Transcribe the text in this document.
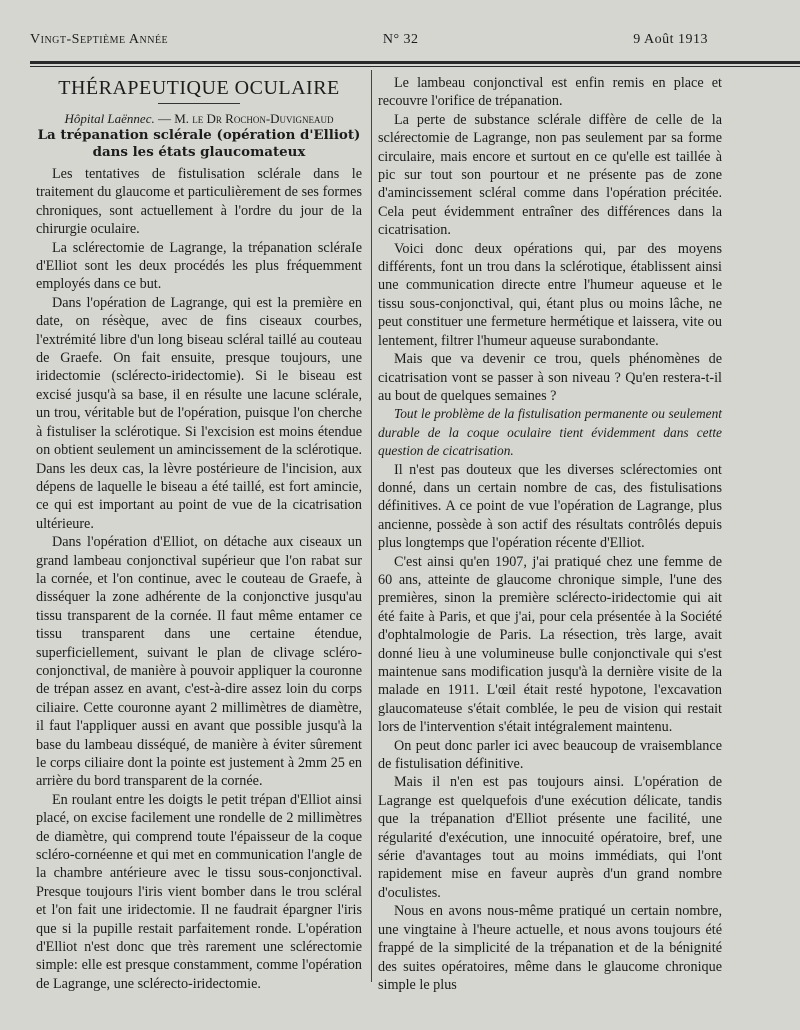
Vingt-Septième Année	N° 32	9 Août 1913
THÉRAPEUTIQUE OCULAIRE
Hôpital Laënnec. — M. le Dr Rochon-Duvigneaud
La trépanation sclérale (opération d'Elliot)
dans les états glaucomateux

Les tentatives de fistulisation sclérale dans le traitement du glaucome et particulièrement de ses formes chroniques, sont actuellement à l'ordre du jour de la chirurgie oculaire.

La sclérectomie de Lagrange, la trépanation scléraIe d'Elliot sont les deux procédés les plus fréquemment employés dans ce but.

Dans l'opération de Lagrange, qui est la première en date, on résèque, avec de fins ciseaux courbes, l'extrémité libre d'un long biseau scléral taillé au couteau de Graefe. On fait ensuite, presque toujours, une iridectomie (sclérecto-iridectomie). Si le biseau est excisé jusqu'à sa base, il en résulte une lacune sclérale, un trou, véritable but de l'opération, puisque l'on cherche à fistuliser la sclérotique. Si l'excision est moins étendue on obtient seulement un amincissement de la sclérotique. Dans les deux cas, la lèvre postérieure de l'incision, aux dépens de laquelle le biseau a été taillé, est fort amincie, ce qui est important au point de vue de la cicatrisation ultérieure.

Dans l'opération d'Elliot, on détache aux ciseaux un grand lambeau conjonctival supérieur que l'on rabat sur la cornée, et l'on continue, avec le couteau de Graefe, à disséquer la zone adhérente de la conjonctive jusqu'au tissu transparent de la cornée. Il faut même entamer ce tissu transparent dans une certaine étendue, superficiellement, suivant le plan de clivage scléro-conjonctival, de manière à pouvoir appliquer la couronne de trépan assez en avant, c'est-à-dire assez loin du corps ciliaire. Cette couronne ayant 2 millimètres de diamètre, il faut l'appliquer aussi en avant que possible jusqu'à la base du lambeau disséqué, de manière à éviter sûrement le corps ciliaire dont la pointe est justement à 2mm 25 en arrière du bord transparent de la cornée.

En roulant entre les doigts le petit trépan d'Elliot ainsi placé, on excise facilement une rondelle de 2 millimètres de diamètre, qui comprend toute l'épaisseur de la coque scléro-cornéenne et qui met en communication l'angle de la chambre antérieure avec le tissu sous-conjonctival. Presque toujours l'iris vient bomber dans le trou scléral et l'on fait une iridectomie. Il ne faudrait épargner l'iris que si la pupille restait parfaitement ronde. L'opération d'Elliot n'est donc que très rarement une sclérectomie simple: elle est presque constamment, comme l'opération de Lagrange, une sclérecto-iridectomie.

Le lambeau conjonctival est enfin remis en place et recouvre l'orifice de trépanation.

La perte de substance sclérale diffère de celle de la sclérectomie de Lagrange, non pas seulement par sa forme circulaire, mais encore et surtout en ce qu'elle est taillée à pic sur tout son pourtour et ne présente pas de zone d'amincissement scléral comme dans l'opération précitée. Cela peut évidemment entraîner des différences dans la cicatrisation.

Voici donc deux opérations qui, par des moyens différents, font un trou dans la sclérotique, établissent ainsi une communication directe entre l'humeur aqueuse et le tissu sous-conjonctival, qui, étant plus ou moins lâche, ne peut constituer une fermeture hermétique et laissera, vite ou lentement, filtrer l'humeur aqueuse surabondante.

Mais que va devenir ce trou, quels phénomènes de cicatrisation vont se passer à son niveau ? Qu'en restera-t-il au bout de quelques semaines ?

Tout le problème de la fistulisation permanente ou seulement durable de la coque oculaire tient évidemment dans cette question de cicatrisation.

Il n'est pas douteux que les diverses sclérectomies ont donné, dans un certain nombre de cas, des fistulisations définitives. A ce point de vue l'opération de Lagrange, plus ancienne, possède à son actif des résultats contrôlés depuis plus longtemps que l'opération récente d'Elliot.

C'est ainsi qu'en 1907, j'ai pratiqué chez une femme de 60 ans, atteinte de glaucome chronique simple, l'une des premières, sinon la première sclérecto-iridectomie qui ait été faite à Paris, et que j'ai, pour cela présentée à la Société d'ophtalmologie de Paris. La résection, très large, avait donné lieu à une volumineuse bulle conjonctivale qui s'est maintenue sans modification jusqu'à la dernière visite de la malade en 1911. L'œil était resté hypotone, l'excavation glaucomateuse s'était comblée, le peu de vision qui restait lors de l'intervention s'était intégralement maintenu.

On peut donc parler ici avec beaucoup de vraisemblance de fistulisation définitive.

Mais il n'en est pas toujours ainsi. L'opération de Lagrange est quelquefois d'une exécution délicate, tandis que la trépanation d'Elliot présente une facilité, une régularité d'exécution, une innocuité opératoire, bref, une série d'avantages tout au moins immédiats, qui l'ont rapidement mise en faveur auprès d'un grand nombre d'oculistes.

Nous en avons nous-même pratiqué un certain nombre, une vingtaine à l'heure actuelle, et nous avons toujours été frappé de la simplicité de la trépanation et de la bénignité des suites opératoires, même dans le glaucome chronique simple le plus
